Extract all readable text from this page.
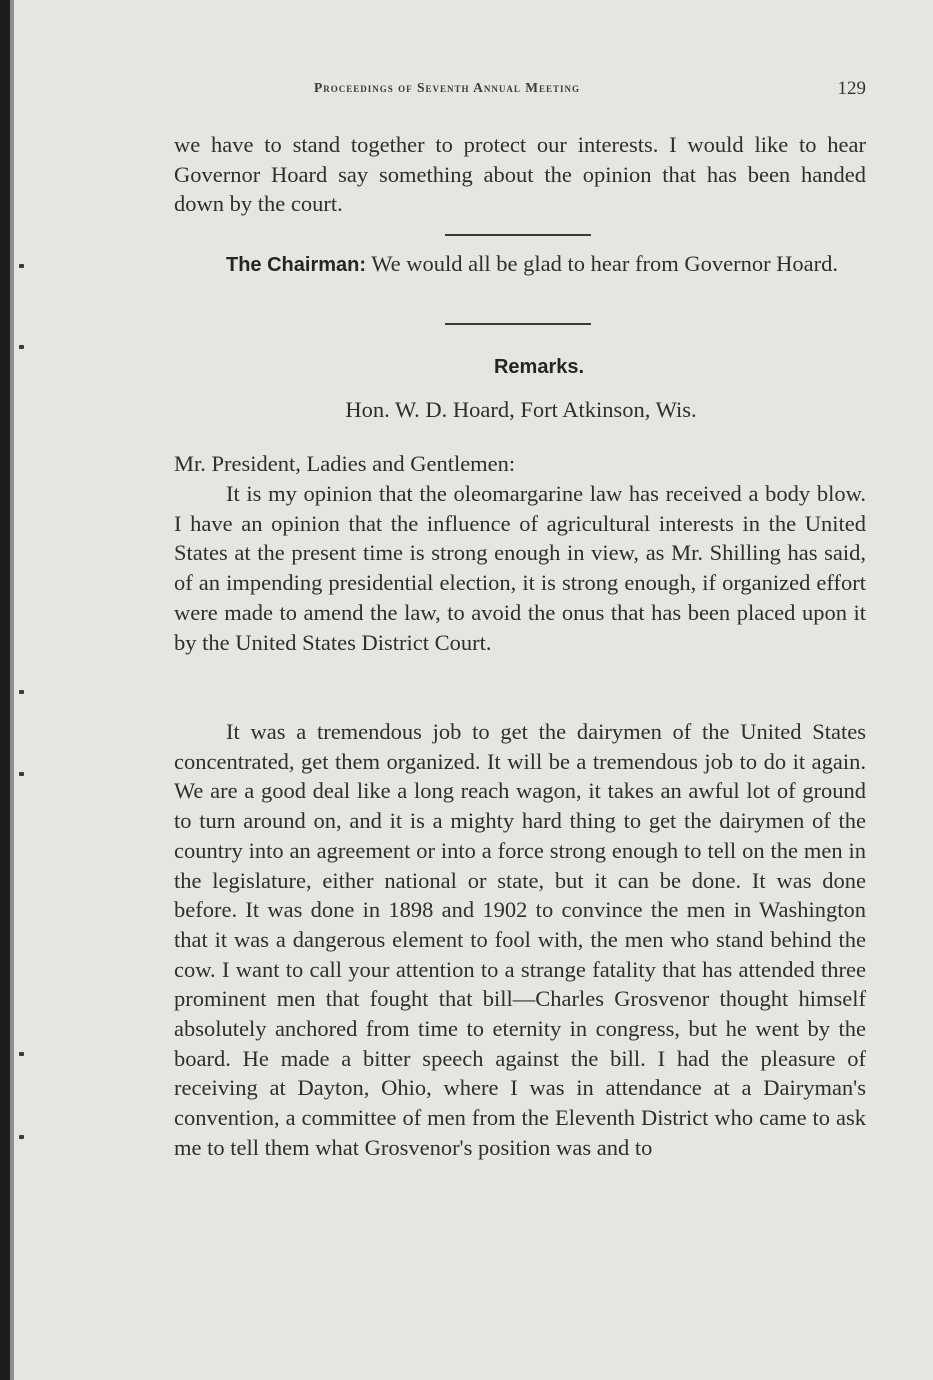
Proceedings of Seventh Annual Meeting	129
we have to stand together to protect our interests. I would like to hear Governor Hoard say something about the opinion that has been handed down by the court.
The Chairman: We would all be glad to hear from Governor Hoard.
Remarks.
Hon. W. D. Hoard, Fort Atkinson, Wis.
Mr. President, Ladies and Gentlemen:
It is my opinion that the oleomargarine law has received a body blow. I have an opinion that the influence of agricultural interests in the United States at the present time is strong enough in view, as Mr. Shilling has said, of an impending presidential election, it is strong enough, if organized effort were made to amend the law, to avoid the onus that has been placed upon it by the United States District Court.
It was a tremendous job to get the dairymen of the United States concentrated, get them organized. It will be a tremendous job to do it again. We are a good deal like a long reach wagon, it takes an awful lot of ground to turn around on, and it is a mighty hard thing to get the dairymen of the country into an agreement or into a force strong enough to tell on the men in the legislature, either national or state, but it can be done. It was done before. It was done in 1898 and 1902 to convince the men in Washington that it was a dangerous element to fool with, the men who stand behind the cow. I want to call your attention to a strange fatality that has attended three prominent men that fought that bill—Charles Grosvenor thought himself absolutely anchored from time to eternity in congress, but he went by the board. He made a bitter speech against the bill. I had the pleasure of receiving at Dayton, Ohio, where I was in attendance at a Dairyman's convention, a committee of men from the Eleventh District who came to ask me to tell them what Grosvenor's position was and to
